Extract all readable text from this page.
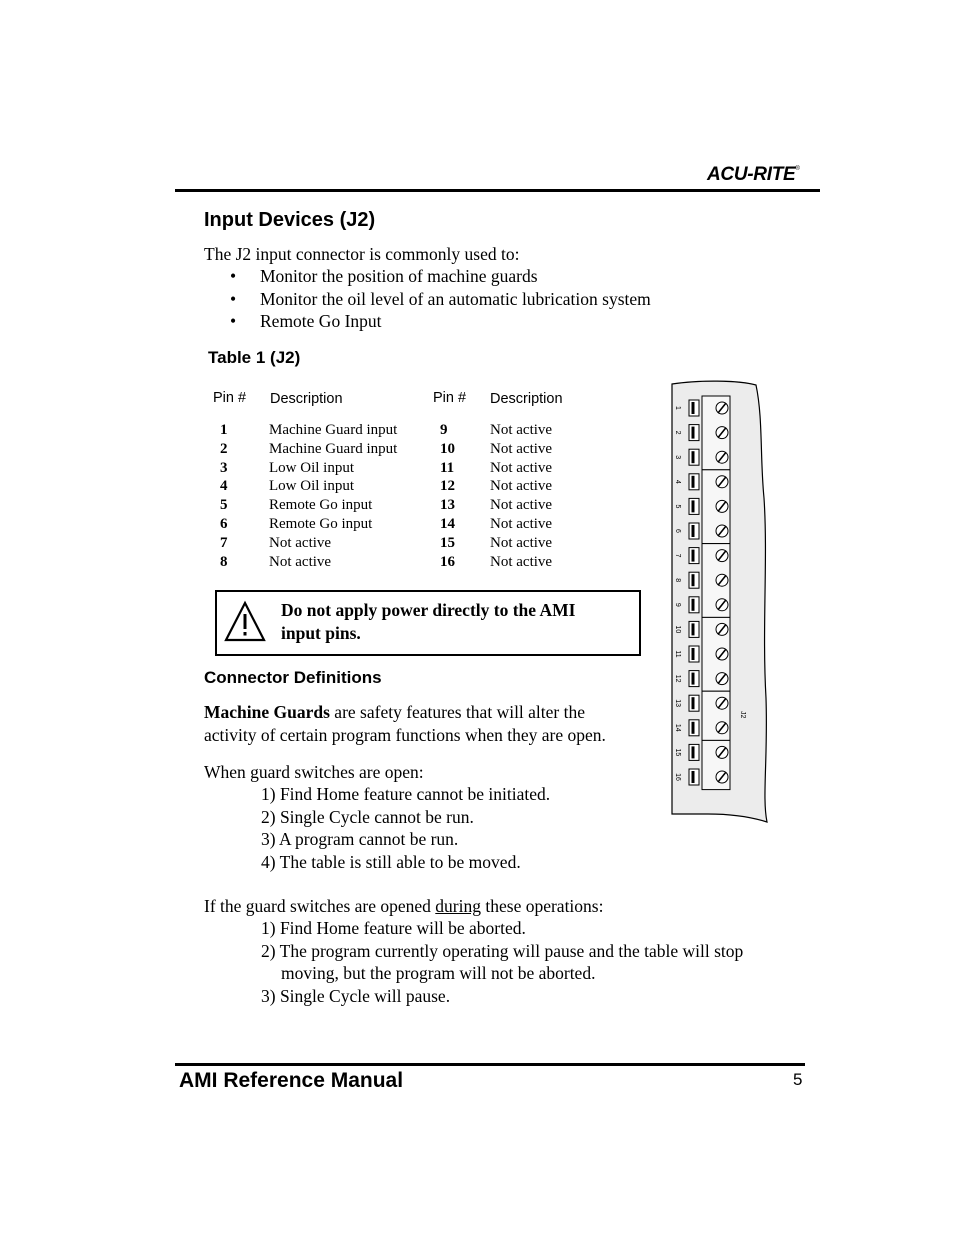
ACU-RITE®
Input Devices (J2)
The J2 input connector is commonly used to:
• Monitor the position of machine guards
• Monitor the oil level of an automatic lubrication system
• Remote Go Input
Table 1 (J2)
Pin # Description	Pin # Description
1
2
3
4
5
6
7
8
Machine Guard input
Machine Guard input
Low Oil input
Low Oil input
Remote Go input
Remote Go input
Not active
Not active
9
10
11
12
13
14
15
16
Not active
Not active
Not active
Not active
Not active
Not active
Not active
Not active
Do not apply power directly to the AMI
input pins.
Connector Definitions
Machine Guards are safety features that will alter the
activity of certain program functions when they are open.
When guard switches are open:
1) Find Home feature cannot be initiated.
2) Single Cycle cannot be run.
3) A program cannot be run.
4) The table is still able to be moved.
If the guard switches are opened during these operations:
1) Find Home feature will be aborted.
2) The program currently operating will pause and the table will stop moving, but the program will not be aborted.
3) Single Cycle will pause.
1
2
3
4
5
6
7
8
9
10
11
12
13
14
15
16
J2
AMI Reference Manual	5
